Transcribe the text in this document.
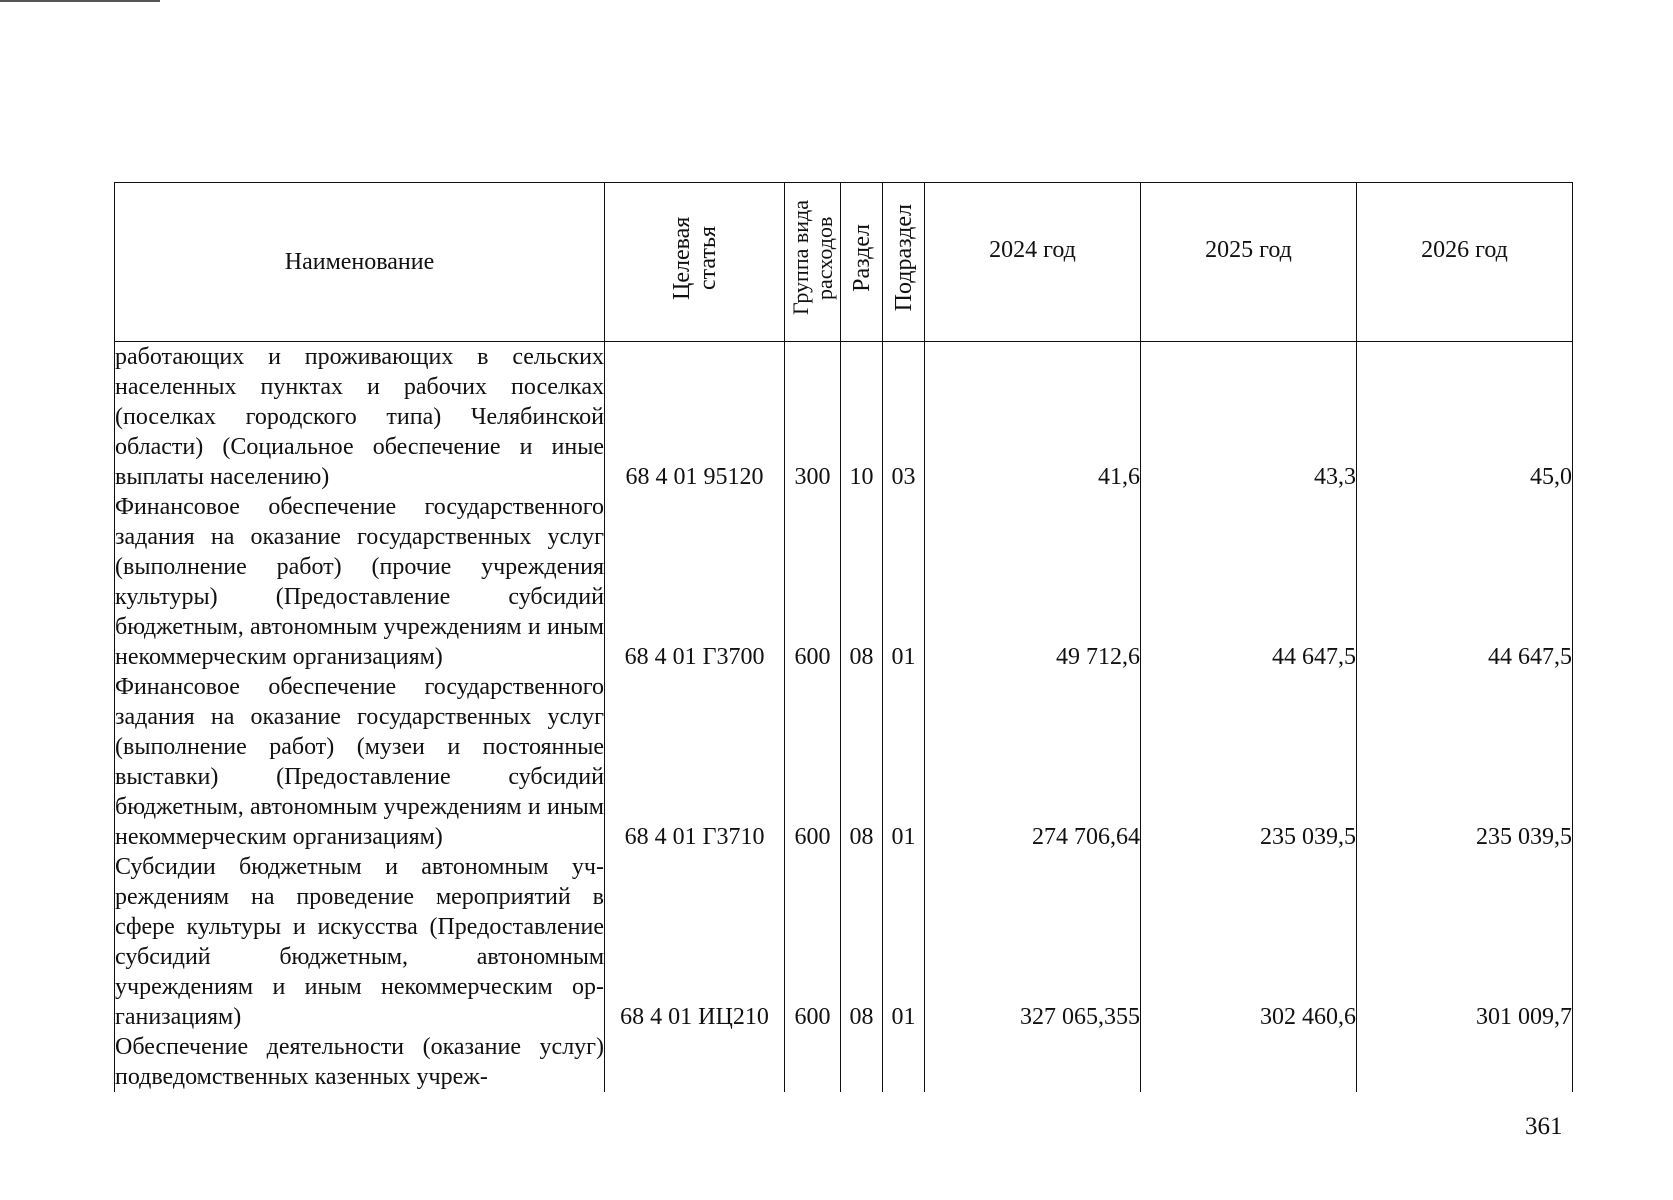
Наименование	Целевая статья	Группа вида расходов	Раздел	Подраздел	2024 год	2025 год	2026 год
работающих и проживающих в сельских населенных пунктах и рабочих поселках (поселках городского типа) Челябинской области) (Социальное обеспечение и иные выплаты населению)	68 4 01 95120	300	10	03	41,6	43,3	45,0
Финансовое обеспечение государственного задания на оказание государственных услуг (выполнение работ) (прочие учреждения культуры) (Предоставление субсидий бюджетным, автономным учреждениям и иным некоммерческим организациям)	68 4 01 Г3700	600	08	01	49 712,6	44 647,5	44 647,5
Финансовое обеспечение государственного задания на оказание государственных услуг (выполнение работ) (музеи и постоянные выставки) (Предоставление субсидий бюджетным, автономным учреждениям и иным некоммерческим организациям)	68 4 01 Г3710	600	08	01	274 706,64	235 039,5	235 039,5
Субсидии бюджетным и автономным учреждениям на проведение мероприятий в сфере культуры и искусства (Предоставление субсидий бюджетным, автономным учреждениям и иным некоммерческим организациям)	68 4 01 ИЦ210	600	08	01	327 065,355	302 460,6	301 009,7
Обеспечение деятельности (оказание услуг) подведомственных казенных учреж-							
361
